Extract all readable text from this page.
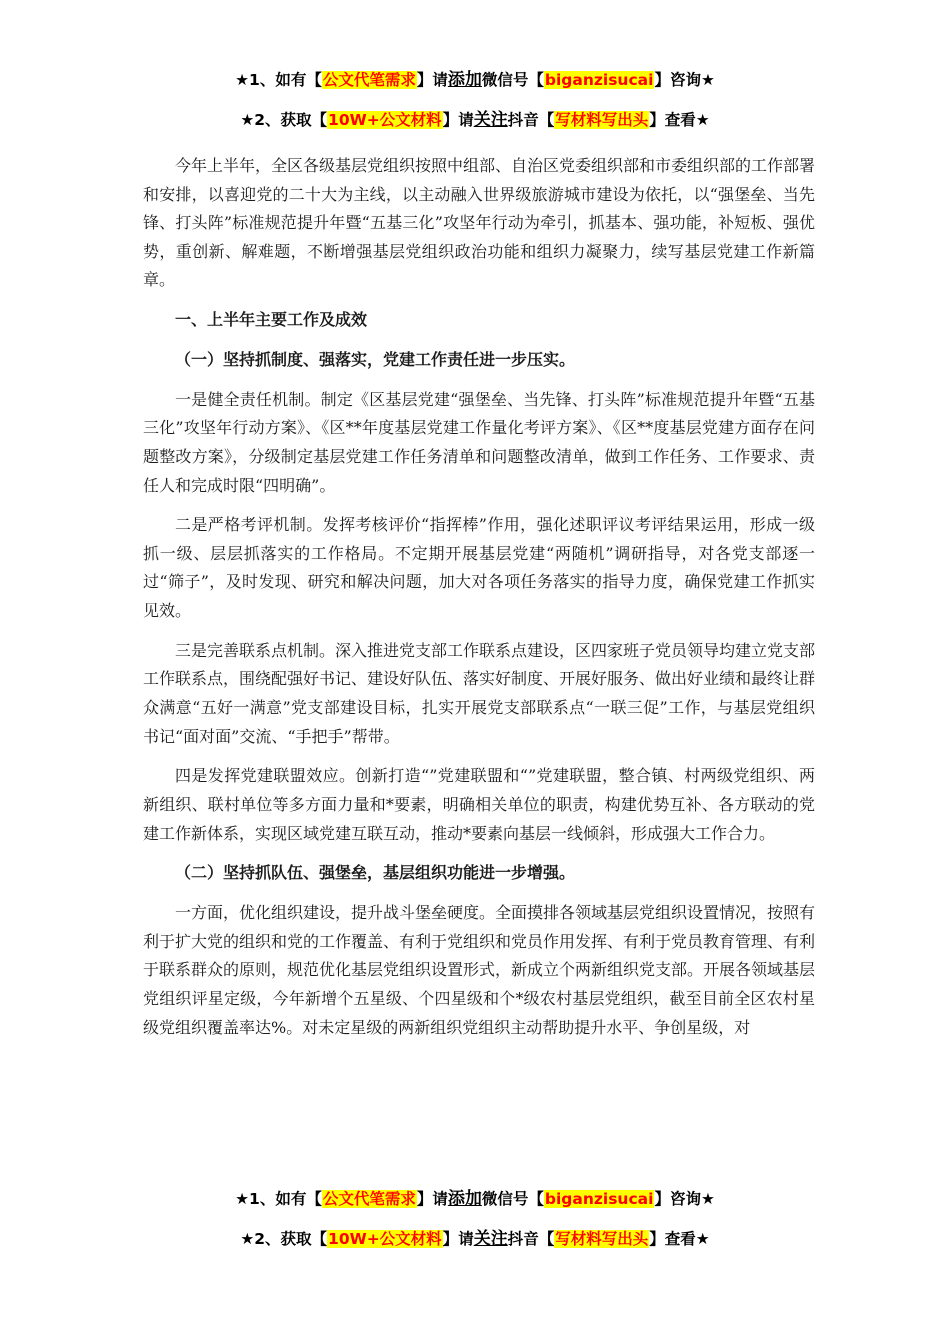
★1、如有【公文代笔需求】请添加微信号【biganzisucai】咨询★
★2、获取【10W+公文材料】请关注抖音【写材料写出头】查看★

今年上半年，全区各级基层党组织按照中组部、自治区党委组织部和市委组织部的工作部署和安排，以喜迎党的二十大为主线，以主动融入世界级旅游城市建设为依托，以“强堡垒、当先锋、打头阵”标准规范提升年暨“五基三化”攻坚年行动为牵引，抓基本、强功能，补短板、强优势，重创新、解难题，不断增强基层党组织政治功能和组织力凝聚力，续写基层党建工作新篇章。

一、上半年主要工作及成效

（一）坚持抓制度、强落实，党建工作责任进一步压实。

一是健全责任机制。制定《区基层党建“强堡垒、当先锋、打头阵”标准规范提升年暨“五基三化”攻坚年行动方案》、《区**年度基层党建工作量化考评方案》、《区**度基层党建方面存在问题整改方案》，分级制定基层党建工作任务清单和问题整改清单，做到工作任务、工作要求、责任人和完成时限“四明确”。

二是严格考评机制。发挥考核评价“指挥棒”作用，强化述职评议考评结果运用，形成一级抓一级、层层抓落实的工作格局。不定期开展基层党建“两随机”调研指导，对各党支部逐一过“筛子”，及时发现、研究和解决问题，加大对各项任务落实的指导力度，确保党建工作抓实见效。

三是完善联系点机制。深入推进党支部工作联系点建设，区四家班子党员领导均建立党支部工作联系点，围绕配强好书记、建设好队伍、落实好制度、开展好服务、做出好业绩和最终让群众满意“五好一满意”党支部建设目标，扎实开展党支部联系点“一联三促”工作，与基层党组织书记“面对面”交流、“手把手”帮带。

四是发挥党建联盟效应。创新打造“”党建联盟和“”党建联盟，整合镇、村两级党组织、两新组织、联村单位等多方面力量和*要素，明确相关单位的职责，构建优势互补、各方联动的党建工作新体系，实现区域党建互联互动，推动*要素向基层一线倾斜，形成强大工作合力。

（二）坚持抓队伍、强堡垒，基层组织功能进一步增强。

一方面，优化组织建设，提升战斗堡垒硬度。全面摸排各领域基层党组织设置情况，按照有利于扩大党的组织和党的工作覆盖、有利于党组织和党员作用发挥、有利于党员教育管理、有利于联系群众的原则，规范优化基层党组织设置形式，新成立个两新组织党支部。开展各领域基层党组织评星定级，今年新增个五星级、个四星级和个*级农村基层党组织，截至目前全区农村星级党组织覆盖率达%。对未定星级的两新组织党组织主动帮助提升水平、争创星级，对

★1、如有【公文代笔需求】请添加微信号【biganzisucai】咨询★
★2、获取【10W+公文材料】请关注抖音【写材料写出头】查看★
